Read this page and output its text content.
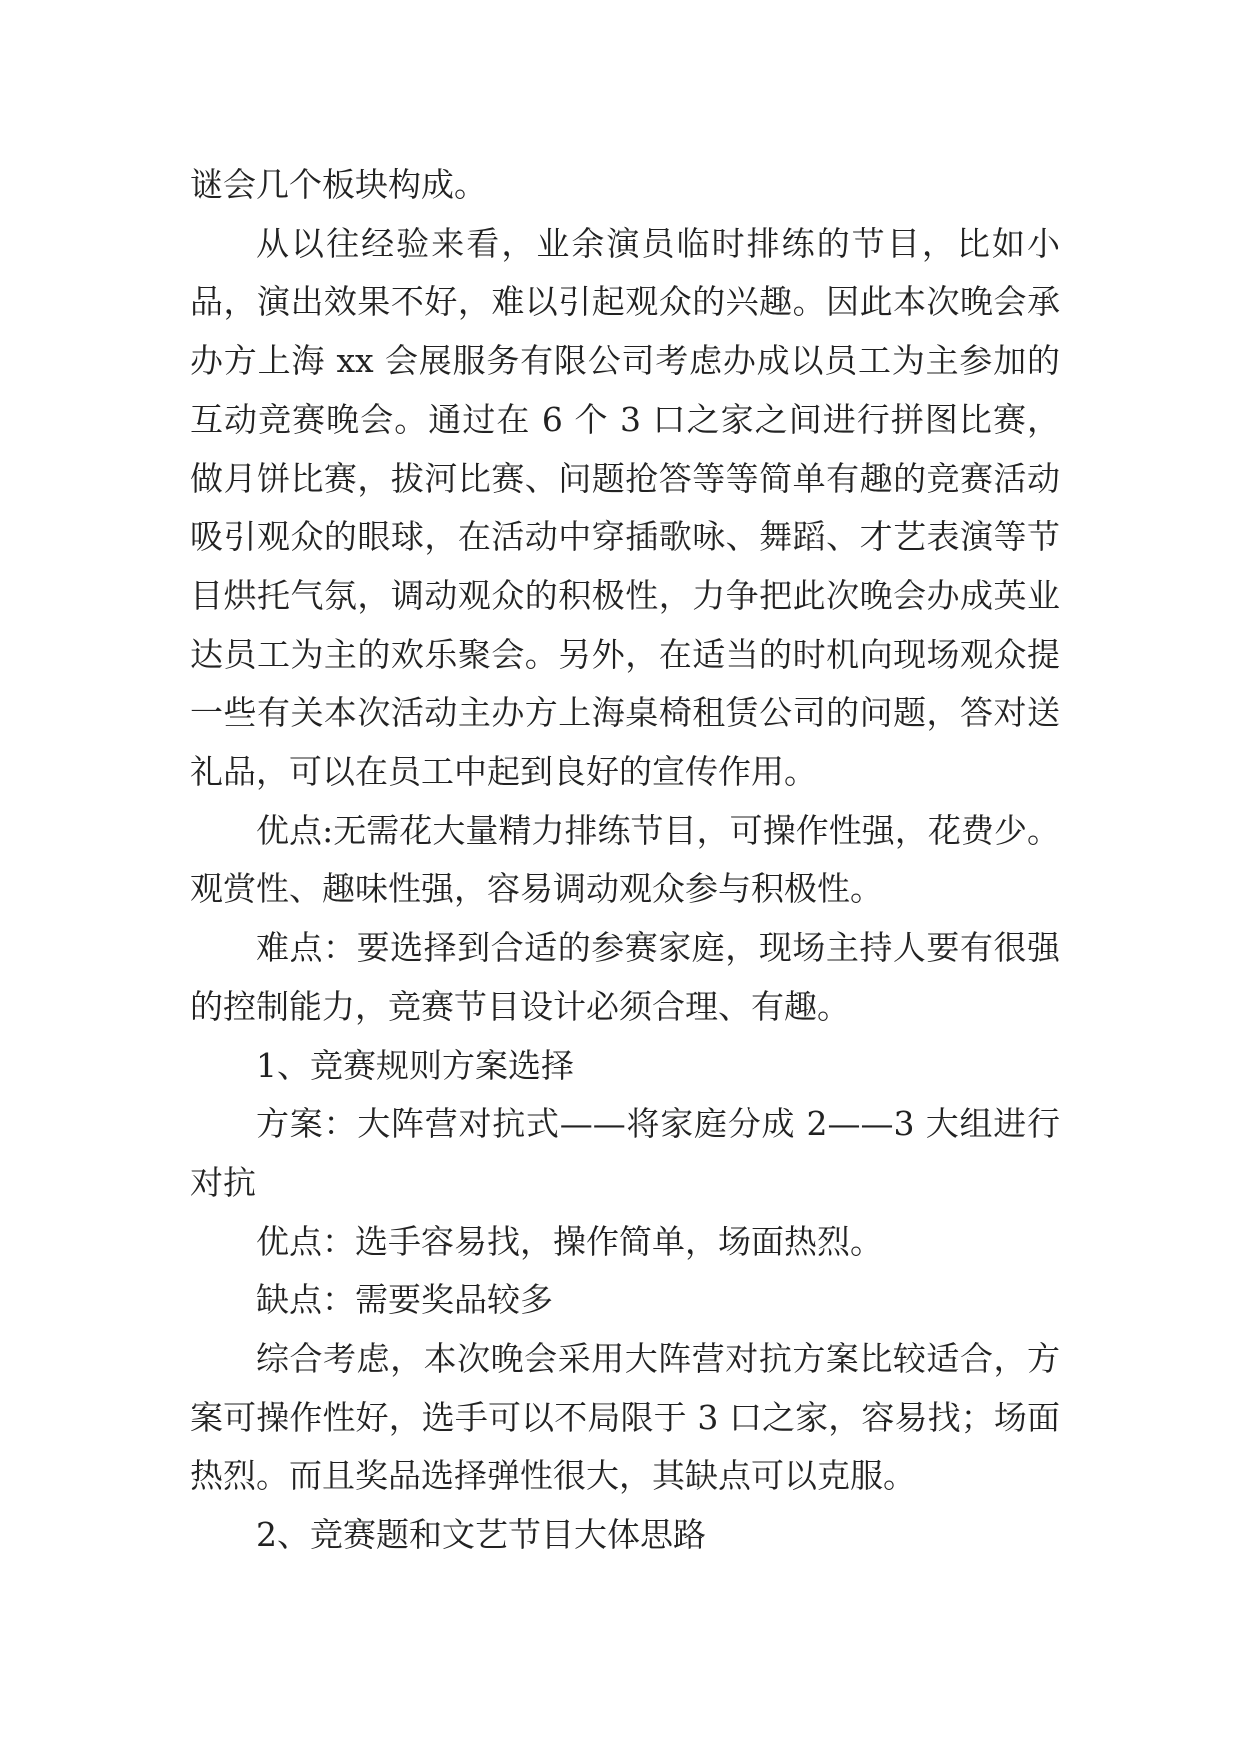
谜会几个板块构成。

从以往经验来看，业余演员临时排练的节目，比如小品，演出效果不好，难以引起观众的兴趣。因此本次晚会承办方上海 xx 会展服务有限公司考虑办成以员工为主参加的互动竞赛晚会。通过在 6 个 3 口之家之间进行拼图比赛，做月饼比赛，拔河比赛、问题抢答等等简单有趣的竞赛活动吸引观众的眼球，在活动中穿插歌咏、舞蹈、才艺表演等节目烘托气氛，调动观众的积极性，力争把此次晚会办成英业达员工为主的欢乐聚会。另外，在适当的时机向现场观众提一些有关本次活动主办方上海桌椅租赁公司的问题，答对送礼品，可以在员工中起到良好的宣传作用。

优点:无需花大量精力排练节目，可操作性强，花费少。观赏性、趣味性强，容易调动观众参与积极性。

难点：要选择到合适的参赛家庭，现场主持人要有很强的控制能力，竞赛节目设计必须合理、有趣。

1、竞赛规则方案选择

方案：大阵营对抗式——将家庭分成 2——3 大组进行对抗

优点：选手容易找，操作简单，场面热烈。

缺点：需要奖品较多

综合考虑，本次晚会采用大阵营对抗方案比较适合，方案可操作性好，选手可以不局限于 3 口之家，容易找；场面热烈。而且奖品选择弹性很大，其缺点可以克服。

2、竞赛题和文艺节目大体思路
